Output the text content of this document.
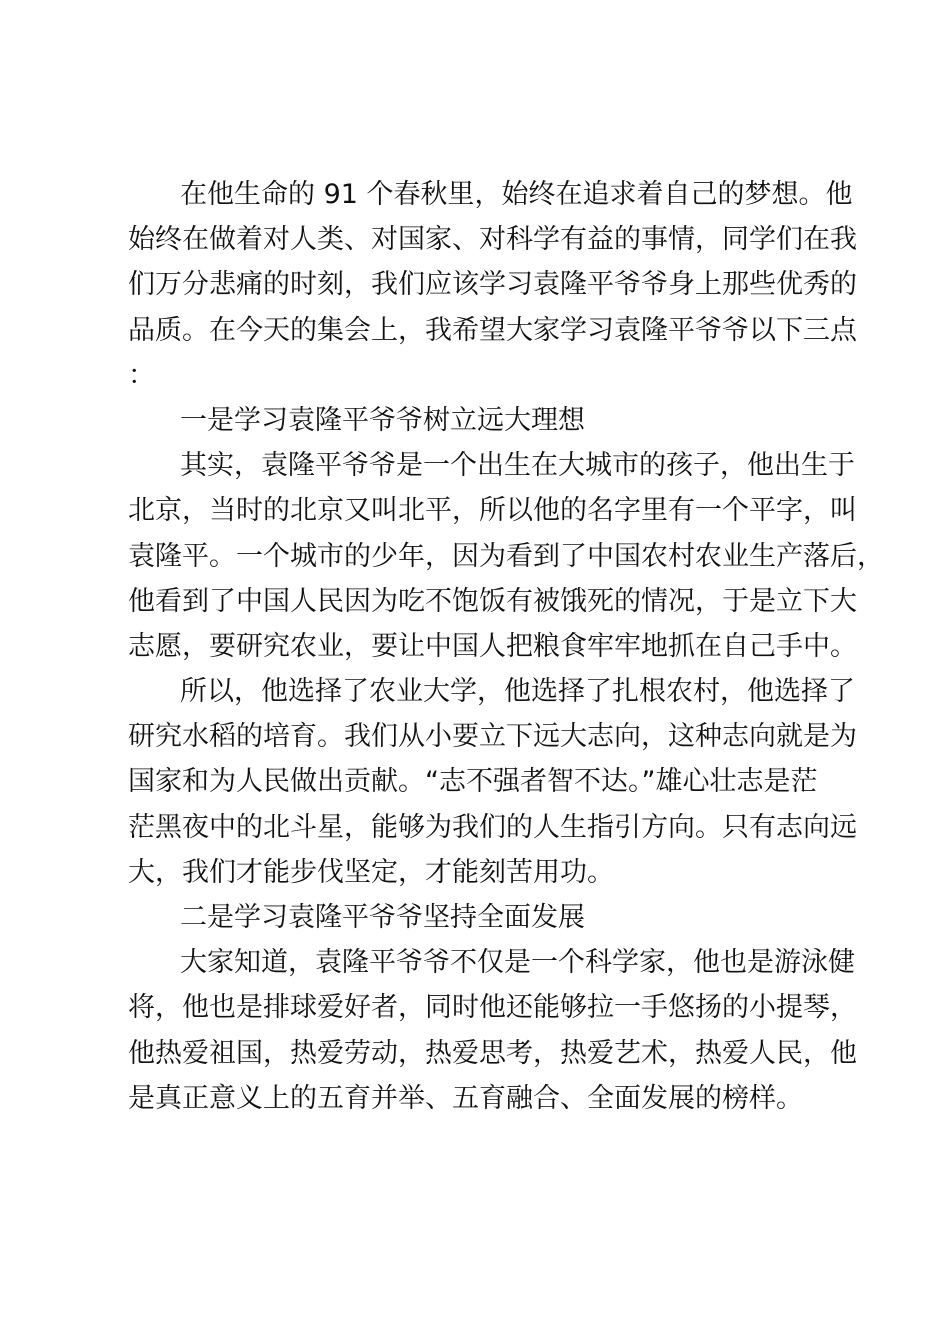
在他生命的 91 个春秋里，始终在追求着自己的梦想。他
始终在做着对人类、对国家、对科学有益的事情，同学们在我
们万分悲痛的时刻，我们应该学习袁隆平爷爷身上那些优秀的
品质。在今天的集会上，我希望大家学习袁隆平爷爷以下三点
：
一是学习袁隆平爷爷树立远大理想
其实，袁隆平爷爷是一个出生在大城市的孩子，他出生于
北京，当时的北京又叫北平，所以他的名字里有一个平字，叫
袁隆平。一个城市的少年，因为看到了中国农村农业生产落后，
他看到了中国人民因为吃不饱饭有被饿死的情况，于是立下大
志愿，要研究农业，要让中国人把粮食牢牢地抓在自己手中。
所以，他选择了农业大学，他选择了扎根农村，他选择了
研究水稻的培育。我们从小要立下远大志向，这种志向就是为
国家和为人民做出贡献。“志不强者智不达。”雄心壮志是茫
茫黑夜中的北斗星，能够为我们的人生指引方向。只有志向远
大，我们才能步伐坚定，才能刻苦用功。
二是学习袁隆平爷爷坚持全面发展
大家知道，袁隆平爷爷不仅是一个科学家，他也是游泳健
将，他也是排球爱好者，同时他还能够拉一手悠扬的小提琴，
他热爱祖国，热爱劳动，热爱思考，热爱艺术，热爱人民，他
是真正意义上的五育并举、五育融合、全面发展的榜样。
